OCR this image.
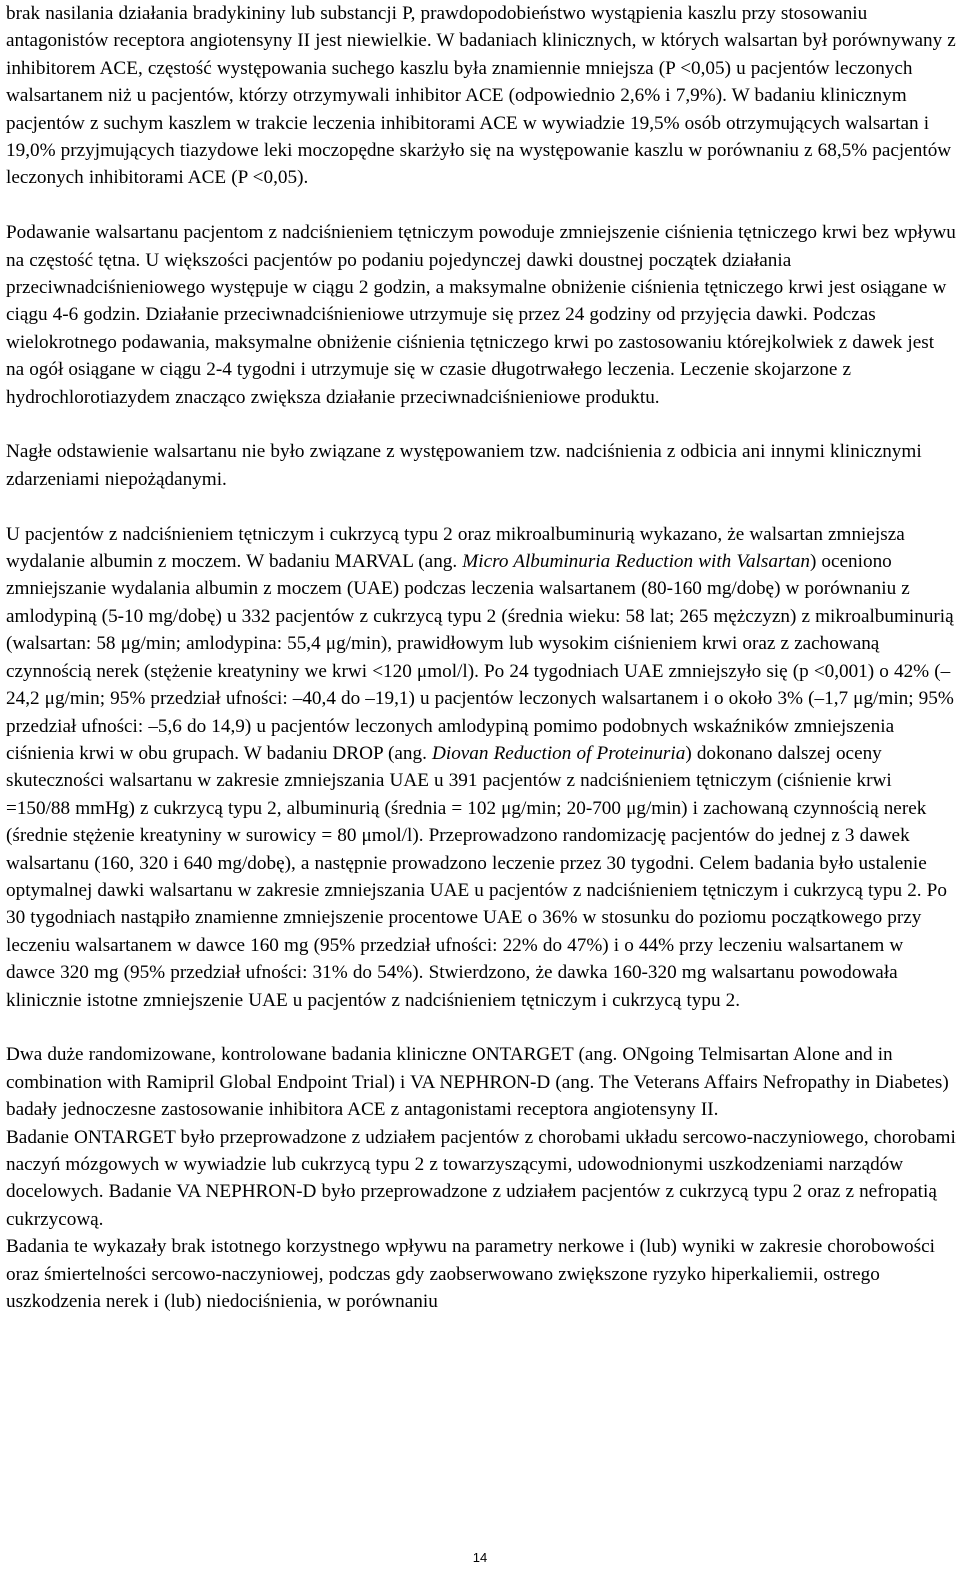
brak nasilania działania bradykininy lub substancji P, prawdopodobieństwo wystąpienia kaszlu przy stosowaniu antagonistów receptora angiotensyny II jest niewielkie. W badaniach klinicznych, w których walsartan był porównywany z inhibitorem ACE, częstość występowania suchego kaszlu była znamiennie mniejsza (P <0,05) u pacjentów leczonych walsartanem niż u pacjentów, którzy otrzymywali inhibitor ACE (odpowiednio 2,6% i 7,9%). W badaniu klinicznym pacjentów z suchym kaszlem w trakcie leczenia inhibitorami ACE w wywiadzie 19,5% osób otrzymujących walsartan i 19,0% przyjmujących tiazydowe leki moczopędne skarżyło się na występowanie kaszlu w porównaniu z 68,5% pacjentów leczonych inhibitorami ACE (P <0,05).

Podawanie walsartanu pacjentom z nadciśnieniem tętniczym powoduje zmniejszenie ciśnienia tętniczego krwi bez wpływu na częstość tętna. U większości pacjentów po podaniu pojedynczej dawki doustnej początek działania przeciwnadciśnieniowego występuje w ciągu 2 godzin, a maksymalne obniżenie ciśnienia tętniczego krwi jest osiągane w ciągu 4-6 godzin. Działanie przeciwnadciśnieniowe utrzymuje się przez 24 godziny od przyjęcia dawki. Podczas wielokrotnego podawania, maksymalne obniżenie ciśnienia tętniczego krwi po zastosowaniu którejkolwiek z dawek jest na ogół osiągane w ciągu 2-4 tygodni i utrzymuje się w czasie długotrwałego leczenia. Leczenie skojarzone z hydrochlorotiazydem znacząco zwiększa działanie przeciwnadciśnieniowe produktu.

Nagłe odstawienie walsartanu nie było związane z występowaniem tzw. nadciśnienia z odbicia ani innymi klinicznymi zdarzeniami niepożądanymi.

U pacjentów z nadciśnieniem tętniczym i cukrzycą typu 2 oraz mikroalbuminurią wykazano, że walsartan zmniejsza wydalanie albumin z moczem. W badaniu MARVAL (ang. Micro Albuminuria Reduction with Valsartan) oceniono zmniejszanie wydalania albumin z moczem (UAE) podczas leczenia walsartanem (80-160 mg/dobę) w porównaniu z amlodypiną (5-10 mg/dobę) u 332 pacjentów z cukrzycą typu 2 (średnia wieku: 58 lat; 265 mężczyzn) z mikroalbuminurią (walsartan: 58 μg/min; amlodypina: 55,4 μg/min), prawidłowym lub wysokim ciśnieniem krwi oraz z zachowaną czynnością nerek (stężenie kreatyniny we krwi <120 μmol/l). Po 24 tygodniach UAE zmniejszyło się (p <0,001) o 42% (–24,2 μg/min; 95% przedział ufności: –40,4 do –19,1) u pacjentów leczonych walsartanem i o około 3% (–1,7 μg/min; 95% przedział ufności: –5,6 do 14,9) u pacjentów leczonych amlodypiną pomimo podobnych wskaźników zmniejszenia ciśnienia krwi w obu grupach. W badaniu DROP (ang. Diovan Reduction of Proteinuria) dokonano dalszej oceny skuteczności walsartanu w zakresie zmniejszania UAE u 391 pacjentów z nadciśnieniem tętniczym (ciśnienie krwi =150/88 mmHg) z cukrzycą typu 2, albuminurią (średnia = 102 μg/min; 20-700 μg/min) i zachowaną czynnością nerek (średnie stężenie kreatyniny w surowicy = 80 μmol/l). Przeprowadzono randomizację pacjentów do jednej z 3 dawek walsartanu (160, 320 i 640 mg/dobę), a następnie prowadzono leczenie przez 30 tygodni. Celem badania było ustalenie optymalnej dawki walsartanu w zakresie zmniejszania UAE u pacjentów z nadciśnieniem tętniczym i cukrzycą typu 2. Po 30 tygodniach nastąpiło znamienne zmniejszenie procentowe UAE o 36% w stosunku do poziomu początkowego przy leczeniu walsartanem w dawce 160 mg (95% przedział ufności: 22% do 47%) i o 44% przy leczeniu walsartanem w dawce 320 mg (95% przedział ufności: 31% do 54%). Stwierdzono, że dawka 160-320 mg walsartanu powodowała klinicznie istotne zmniejszenie UAE u pacjentów z nadciśnieniem tętniczym i cukrzycą typu 2.

Dwa duże randomizowane, kontrolowane badania kliniczne ONTARGET (ang. ONgoing Telmisartan Alone and in combination with Ramipril Global Endpoint Trial) i VA NEPHRON-D (ang. The Veterans Affairs Nefropathy in Diabetes) badały jednoczesne zastosowanie inhibitora ACE z antagonistami receptora angiotensyny II.

Badanie ONTARGET było przeprowadzone z udziałem pacjentów z chorobami układu sercowo-naczyniowego, chorobami naczyń mózgowych w wywiadzie lub cukrzycą typu 2 z towarzyszącymi, udowodnionymi uszkodzeniami narządów docelowych. Badanie VA NEPHRON-D było przeprowadzone z udziałem pacjentów z cukrzycą typu 2 oraz z nefropatią cukrzycową.

Badania te wykazały brak istotnego korzystnego wpływu na parametry nerkowe i (lub) wyniki w zakresie chorobowości oraz śmiertelności sercowo-naczyniowej, podczas gdy zaobserwowano zwiększone ryzyko hiperkaliemii, ostrego uszkodzenia nerek i (lub) niedociśnienia, w porównaniu

14
